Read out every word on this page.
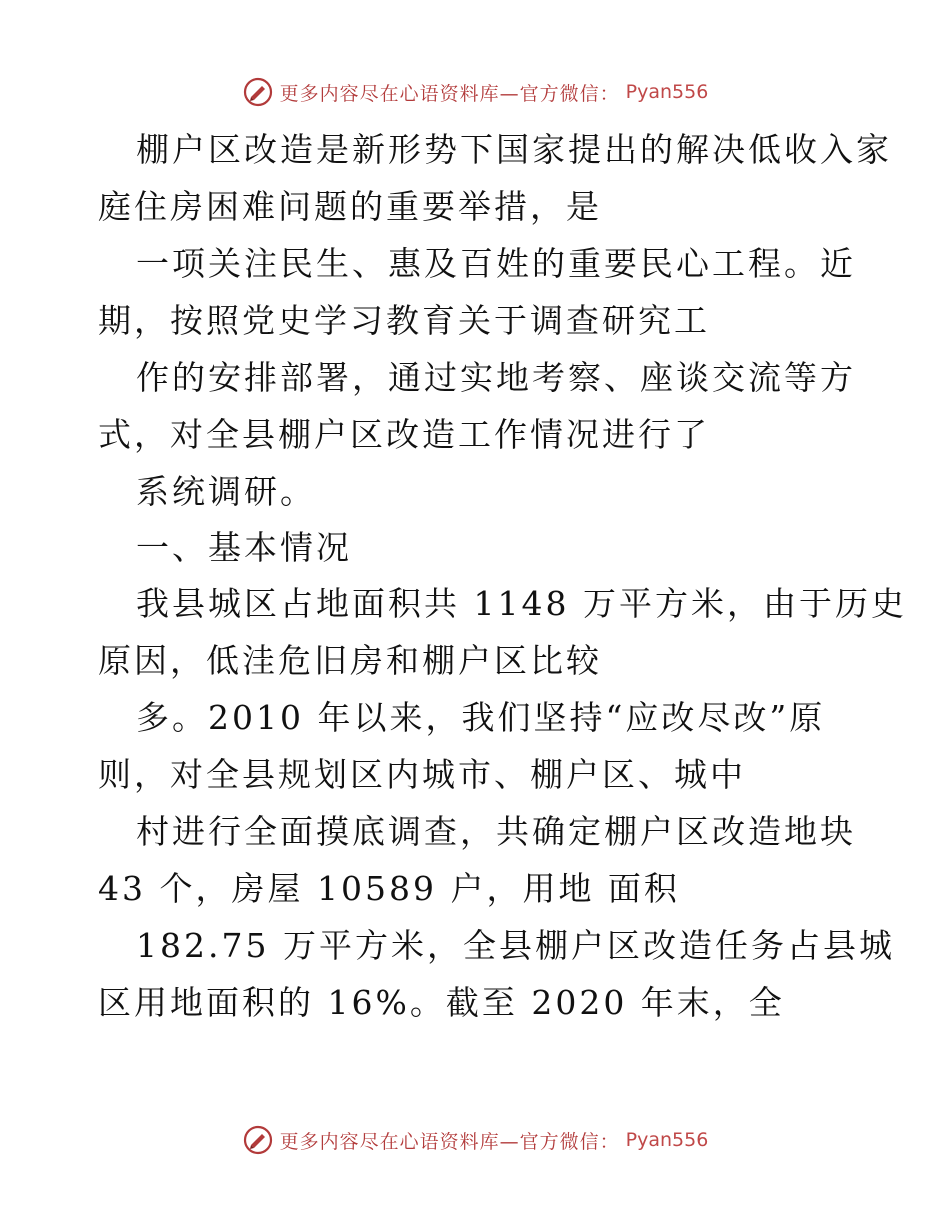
更多内容尽在心语资料库—官方微信： Pyan556
棚户区改造是新形势下国家提出的解决低收入家
庭住房困难问题的重要举措，是
一项关注民生、惠及百姓的重要民心工程。近
期，按照党史学习教育关于调查研究工
作的安排部署，通过实地考察、座谈交流等方
式，对全县棚户区改造工作情况进行了
系统调研。
一、基本情况
我县城区占地面积共 1148 万平方米，由于历史
原因，低洼危旧房和棚户区比较
多。2010 年以来，我们坚持“应改尽改”原
则，对全县规划区内城市、棚户区、城中
村进行全面摸底调查，共确定棚户区改造地块
43 个，房屋 10589 户，用地 面积
182.75 万平方米，全县棚户区改造任务占县城
区用地面积的 16%。截至 2020 年末，全
更多内容尽在心语资料库—官方微信： Pyan556
